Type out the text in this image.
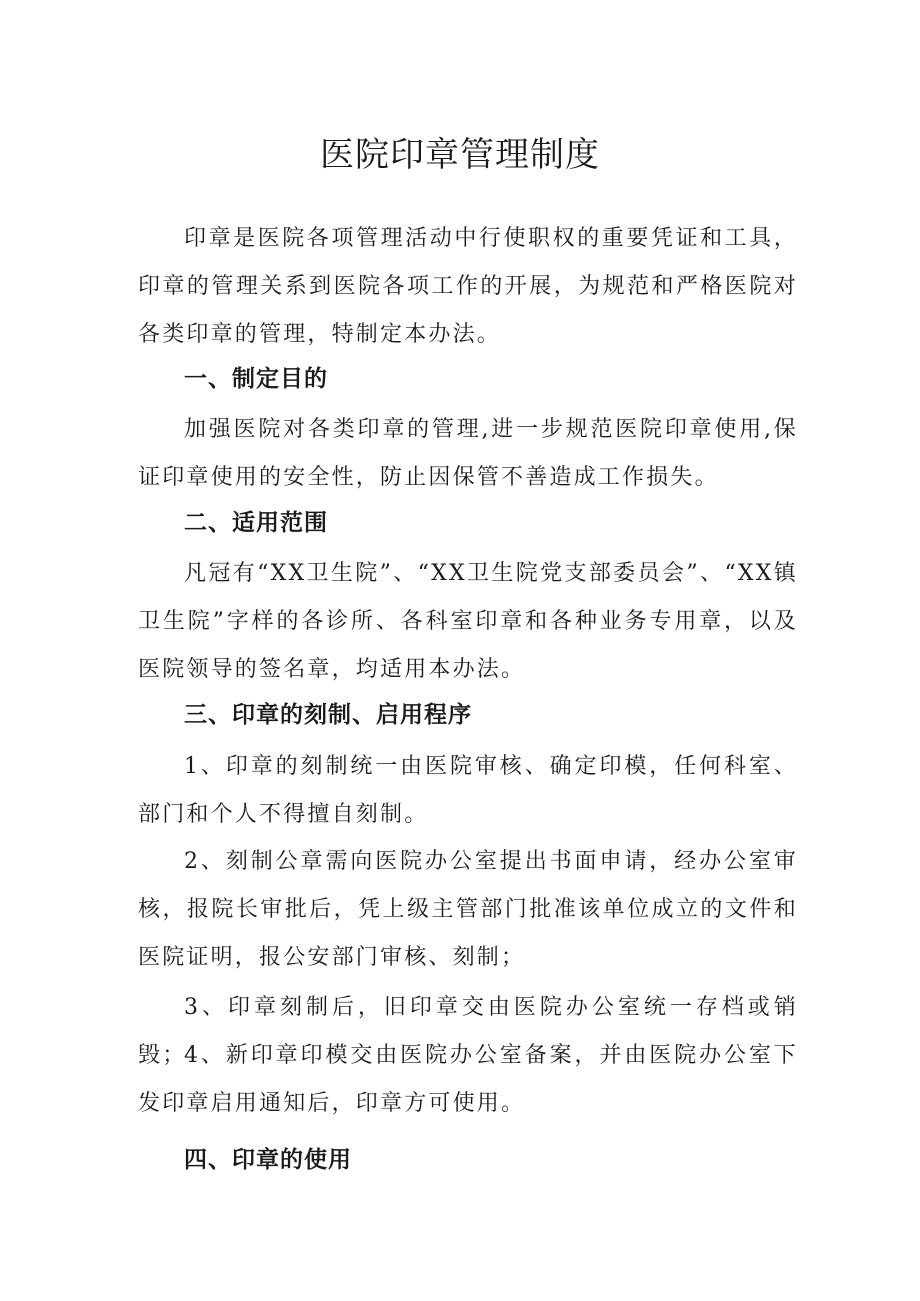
医院印章管理制度

印章是医院各项管理活动中行使职权的重要凭证和工具，印章的管理关系到医院各项工作的开展，为规范和严格医院对各类印章的管理，特制定本办法。

一、制定目的

加强医院对各类印章的管理,进一步规范医院印章使用,保证印章使用的安全性，防止因保管不善造成工作损失。

二、适用范围

凡冠有“XX卫生院”、“XX卫生院党支部委员会”、“XX镇卫生院”字样的各诊所、各科室印章和各种业务专用章，以及医院领导的签名章，均适用本办法。

三、印章的刻制、启用程序

1、印章的刻制统一由医院审核、确定印模，任何科室、部门和个人不得擅自刻制。

2、刻制公章需向医院办公室提出书面申请，经办公室审核，报院长审批后，凭上级主管部门批准该单位成立的文件和医院证明，报公安部门审核、刻制；

3、印章刻制后，旧印章交由医院办公室统一存档或销毁；

4、新印章印模交由医院办公室备案，并由医院办公室下发印章启用通知后，印章方可使用。

四、印章的使用
